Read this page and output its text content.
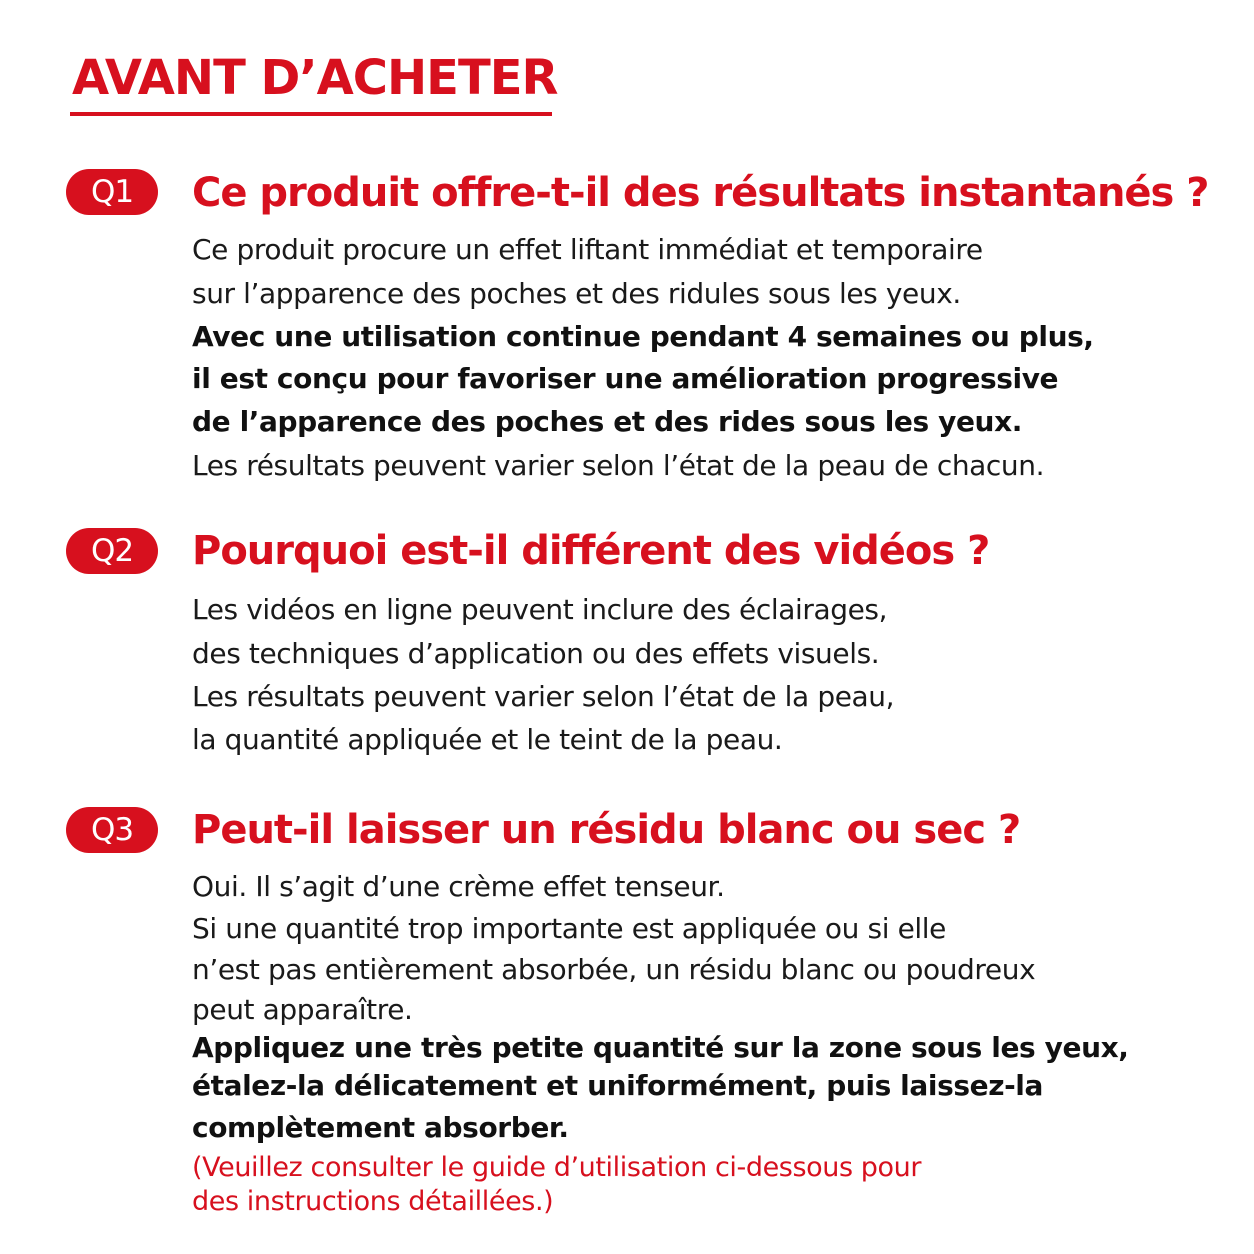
AVANT D’ACHETER
Q1	Ce produit offre-t-il des résultats instantanés ?
Ce produit procure un effet liftant immédiat et temporaire
sur l’apparence des poches et des ridules sous les yeux.
Avec une utilisation continue pendant 4 semaines ou plus,
il est conçu pour favoriser une amélioration progressive
de l’apparence des poches et des rides sous les yeux.
Les résultats peuvent varier selon l’état de la peau de chacun.
Q2	Pourquoi est-il différent des vidéos ?
Les vidéos en ligne peuvent inclure des éclairages,
des techniques d’application ou des effets visuels.
Les résultats peuvent varier selon l’état de la peau,
la quantité appliquée et le teint de la peau.
Q3	Peut-il laisser un résidu blanc ou sec ?
Oui. Il s’agit d’une crème effet tenseur.
Si une quantité trop importante est appliquée ou si elle
n’est pas entièrement absorbée, un résidu blanc ou poudreux
peut apparaître.
Appliquez une très petite quantité sur la zone sous les yeux,
étalez-la délicatement et uniformément, puis laissez-la
complètement absorber.
(Veuillez consulter le guide d’utilisation ci-dessous pour
des instructions détaillées.)
